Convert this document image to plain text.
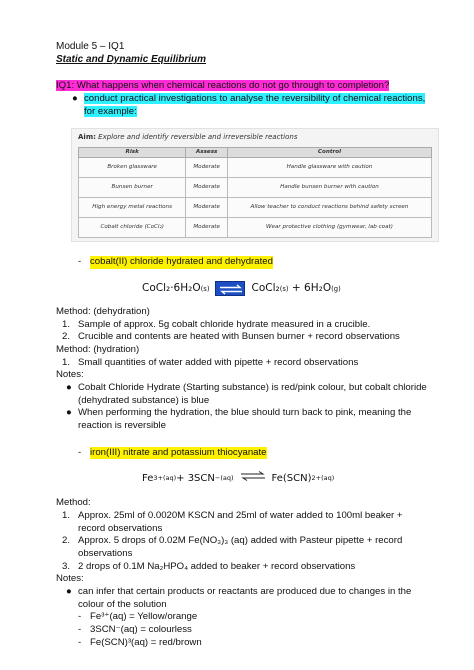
Module 5 – IQ1
Static and Dynamic Equilibrium
IQ1: What happens when chemical reactions do not go through to completion?
● conduct practical investigations to analyse the reversibility of chemical reactions, for example:
Aim: Explore and identify reversible and irreversible reactions
Risk	Assess	Control
Broken glassware	Moderate	Handle glassware with caution
Bunsen burner	Moderate	Handle bunsen burner with caution
High energy metal reactions	Moderate	Allow teacher to conduct reactions behind safety screen
Cobalt chloride (CoCl₂)	Moderate	Wear protective clothing (gymwear, lab coat)
- cobalt(II) chloride hydrated and dehydrated
CoCl₂·6H₂O (s)	CoCl₂ (s)
+ 6H₂O (g)
Method: (dehydration)
1. Sample of approx. 5g cobalt chloride hydrate measured in a crucible.
2. Crucible and contents are heated with Bunsen burner + record observations
Method: (hydration)
1. Small quantities of water added with pipette + record observations
Notes:
● Cobalt Chloride Hydrate (Starting substance) is red/pink colour, but cobalt chloride (dehydrated substance) is blue
● When performing the hydration, the blue should turn back to pink, meaning the reaction is reversible
- iron(III) nitrate and potassium thiocyanate
Fe 3+ (aq) + 3SCN − (aq) ⇌ Fe(SCN) 2+ (aq)
Method:
1. Approx. 25ml of 0.0020M KSCN and 25ml of water added to 100ml beaker + record observations
2. Approx. 5 drops of 0.02M Fe(NO₃)₃ (aq) added with Pasteur pipette + record observations
3. 2 drops of 0.1M Na₂HPO₄ added to beaker + record observations
Notes:
● can infer that certain products or reactants are produced due to changes in the colour of the solution
- Fe³⁺(aq) = Yellow/orange
- 3SCN⁻(aq) = colourless
- Fe(SCN)³(aq) = red/brown
